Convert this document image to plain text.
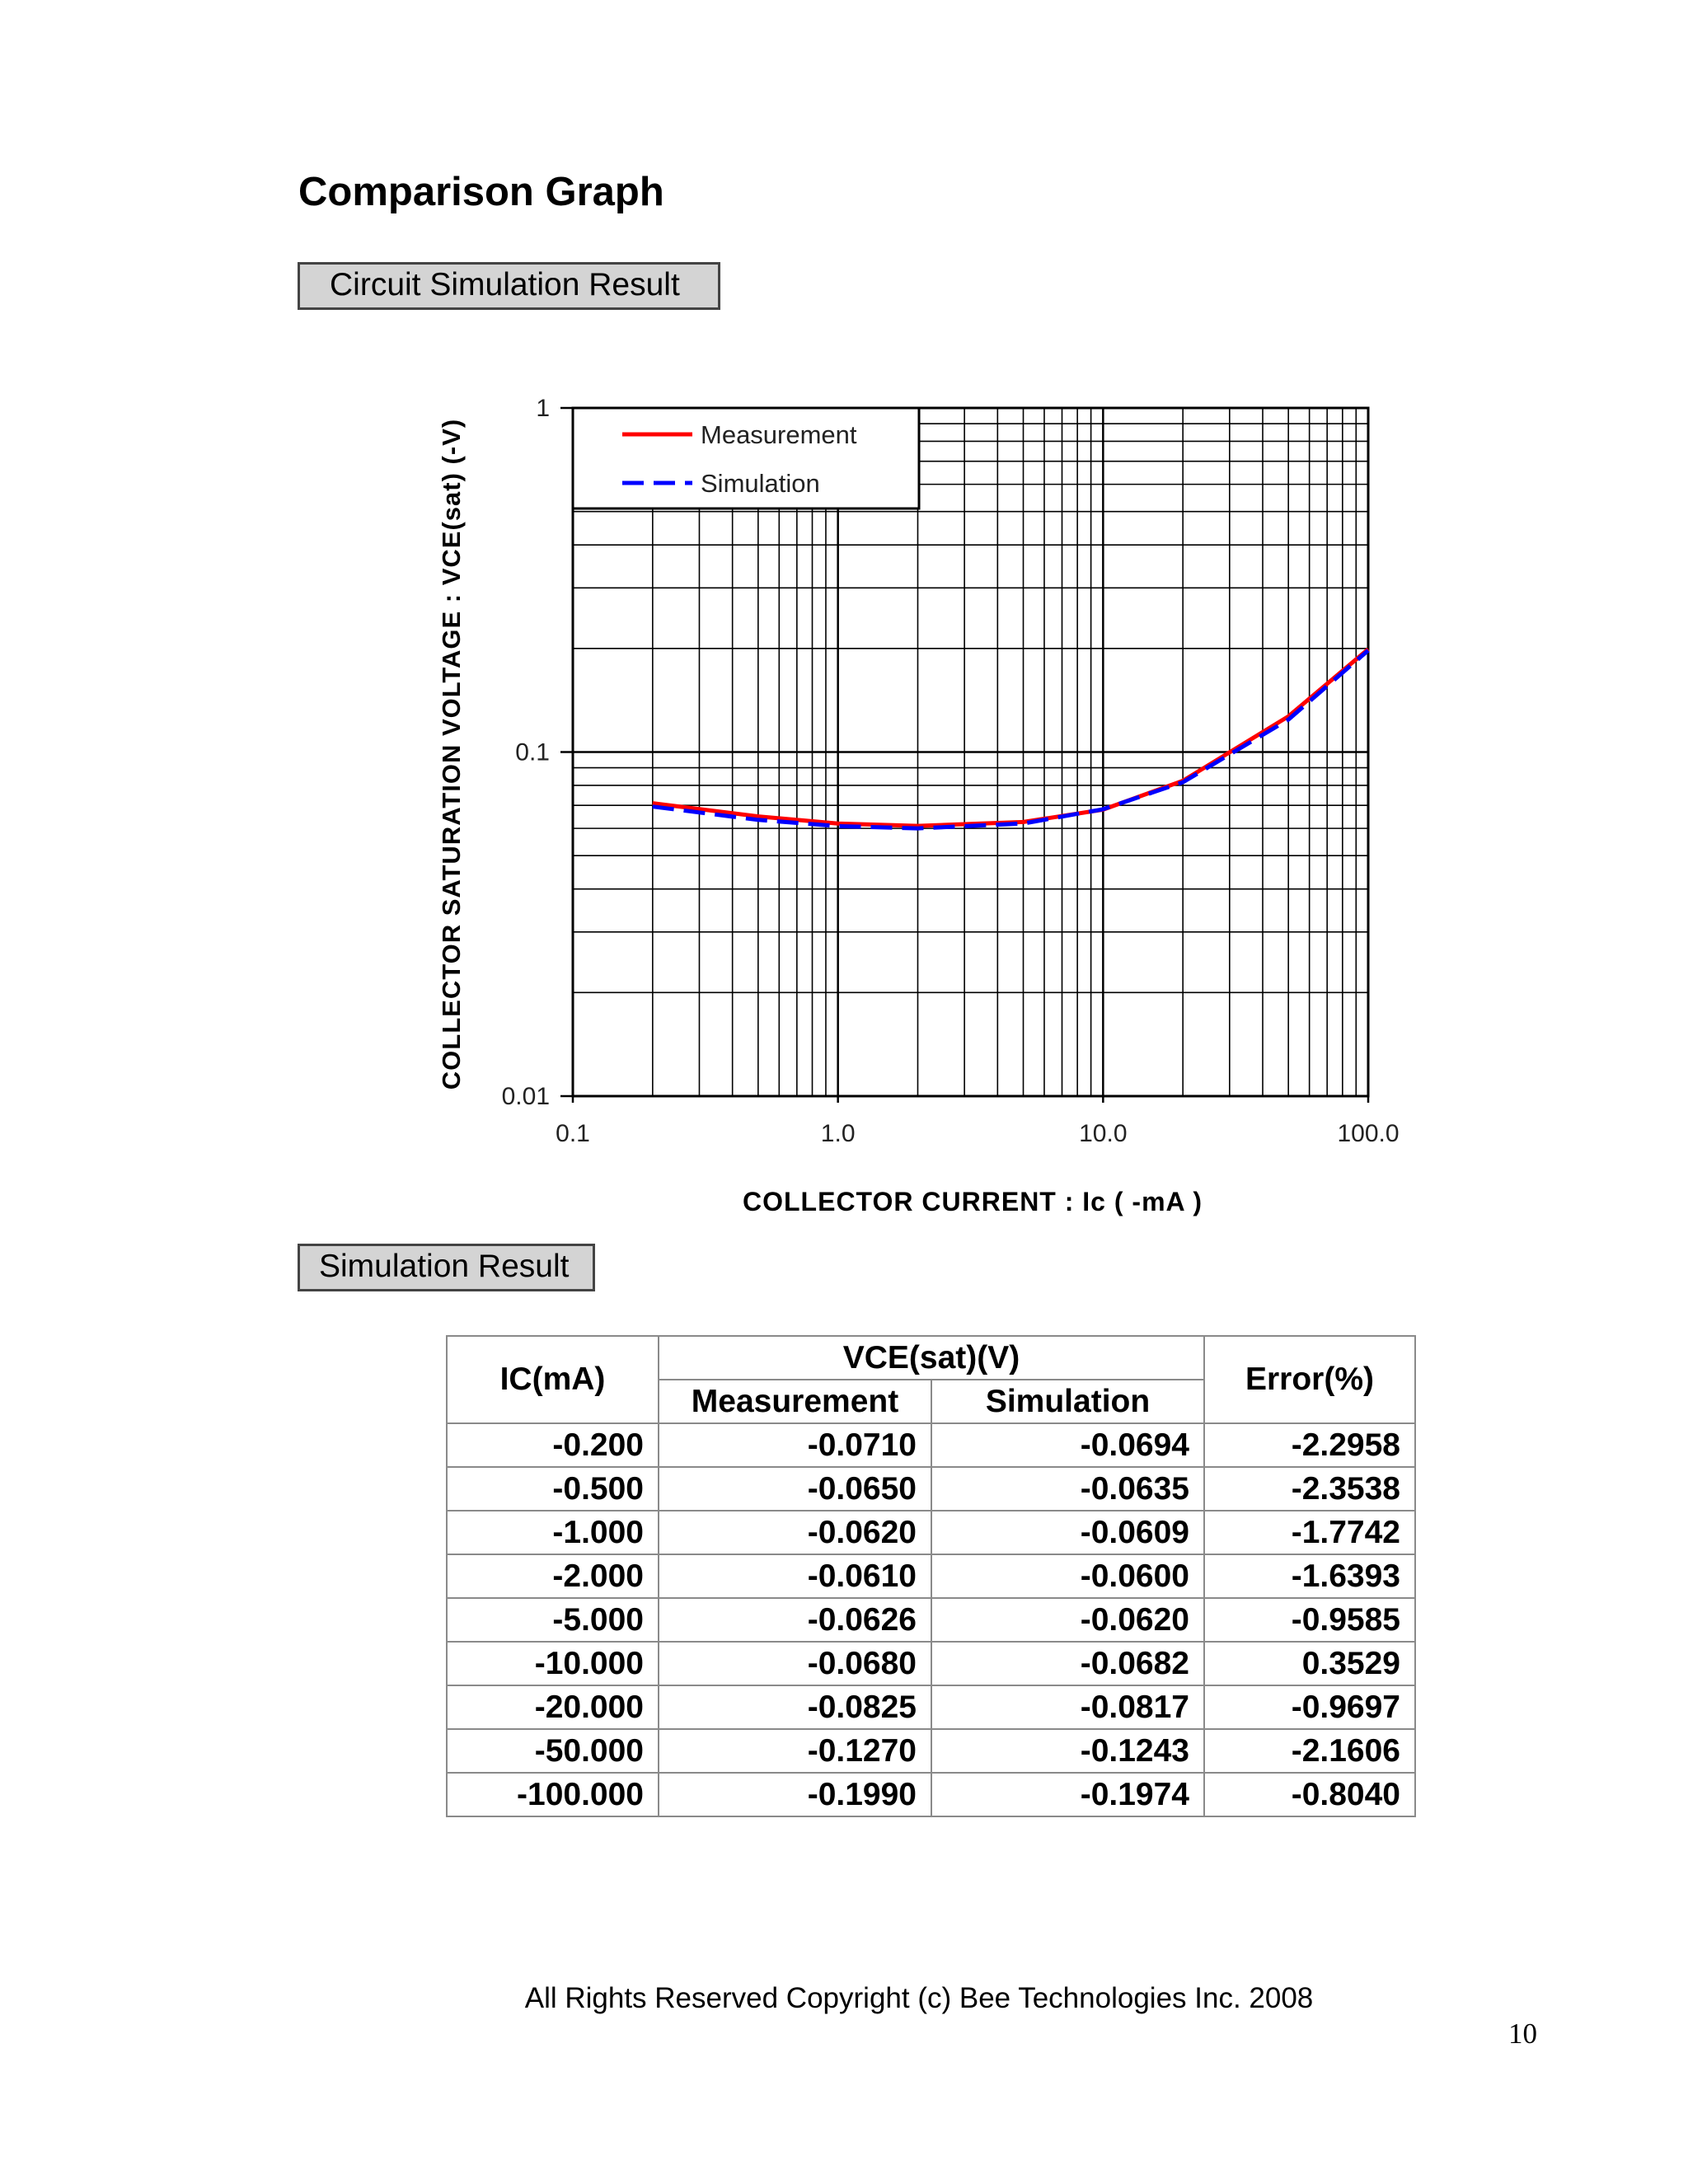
Comparison Graph
Circuit Simulation Result
0.1	1.0	10.0	100.0
1
0.1
0.01
Measurement
Simulation
COLLECTOR SATURATION VOLTAGE : VCE(sat) (-V)
COLLECTOR CURRENT : Ic ( -mA )
Simulation Result
IC(mA)	VCE(sat)(V)		Error(%)
	Measurement	Simulation	
-0.200	-0.0710	-0.0694	-2.2958
-0.500	-0.0650	-0.0635	-2.3538
-1.000	-0.0620	-0.0609	-1.7742
-2.000	-0.0610	-0.0600	-1.6393
-5.000	-0.0626	-0.0620	-0.9585
-10.000	-0.0680	-0.0682	0.3529
-20.000	-0.0825	-0.0817	-0.9697
-50.000	-0.1270	-0.1243	-2.1606
-100.000	-0.1990	-0.1974	-0.8040
All Rights Reserved Copyright (c) Bee Technologies Inc. 2008
10
